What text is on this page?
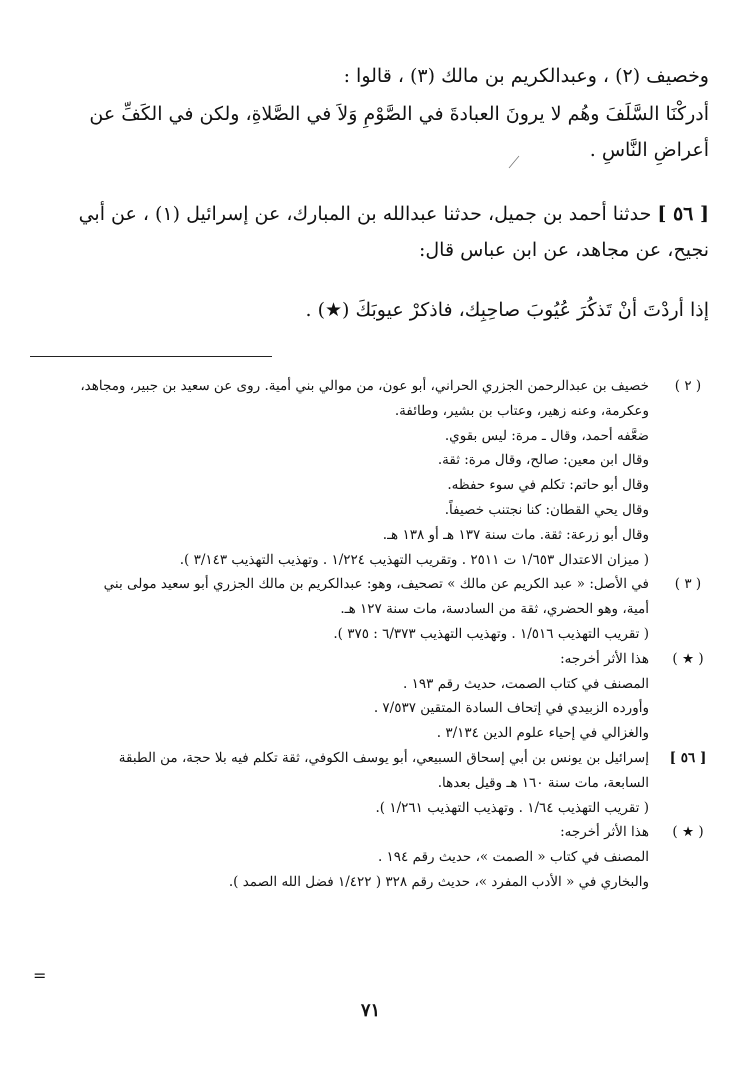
وخصيف (٢) ، وعبدالكريم بن مالك (٣) ، قالوا :
أدركْنَا السَّلَفَ وهُم لا يرونَ العبادةَ في الصَّوْمِ وَلاَ في الصَّلاةِ، ولكن في الكَفِّ عن
أعراضِ النَّاسِ .
[ ٥٦ ] حدثنا أحمد بن جميل، حدثنا عبدالله بن المبارك، عن إسرائيل (١) ، عن أبي
نجيح، عن مجاهد، عن ابن عباس قال:
إذا أردْتَ أنْ تَذكُرَ عُيُوبَ صاحِبِك، فاذكرْ عيوبَكَ (★) .
( ٢ )
خصيف بن عبدالرحمن الجزري الحراني، أبو عون، من موالي بني أمية. روى عن سعيد بن جبير، ومجاهد،
وعكرمة، وعنه زهير، وعتاب بن بشير، وطائفة.
ضعَّفه أحمد، وقال ـ مرة: ليس بقوي.
وقال ابن معين: صالح، وقال مرة: ثقة.
وقال أبو حاتم: تكلم في سوء حفظه.
وقال يحي القطان: كنا نجتنب خصيفاً.
وقال أبو زرعة: ثقة. مات سنة ١٣٧ هـ أو ١٣٨ هـ.
( ميزان الاعتدال ١/٦٥٣ ت ٢٥١١ . وتقريب التهذيب ١/٢٢٤ . وتهذيب التهذيب ٣/١٤٣ ).
( ٣ )
في الأصل: « عبد الكريم عن مالك » تصحيف، وهو: عبدالكريم بن مالك الجزري أبو سعيد مولى بني
أمية، وهو الحضري، ثقة من السادسة، مات سنة ١٢٧ هـ.
( تقريب التهذيب ١/٥١٦ . وتهذيب التهذيب ٦/٣٧٣ : ٣٧٥ ).
( ★ )
هذا الأثر أخرجه:
المصنف في كتاب الصمت، حديث رقم ١٩٣ .
وأورده الزبيدي في إتحاف السادة المتقين ٧/٥٣٧ .
والغزالي في إحياء علوم الدين ٣/١٣٤ .
[ ٥٦ ]
إسرائيل بن يونس بن أبي إسحاق السبيعي، أبو يوسف الكوفي، ثقة تكلم فيه بلا حجة، من الطبقة
السابعة، مات سنة ١٦٠ هـ وقيل بعدها.
( تقريب التهذيب ١/٦٤ . وتهذيب التهذيب ١/٢٦١ ).
( ★ )
هذا الأثر أخرجه:
المصنف في كتاب « الصمت »، حديث رقم ١٩٤ .
والبخاري في « الأدب المفرد »، حديث رقم ٣٢٨ ( ١/٤٢٢ فضل الله الصمد ).
=
٧١
